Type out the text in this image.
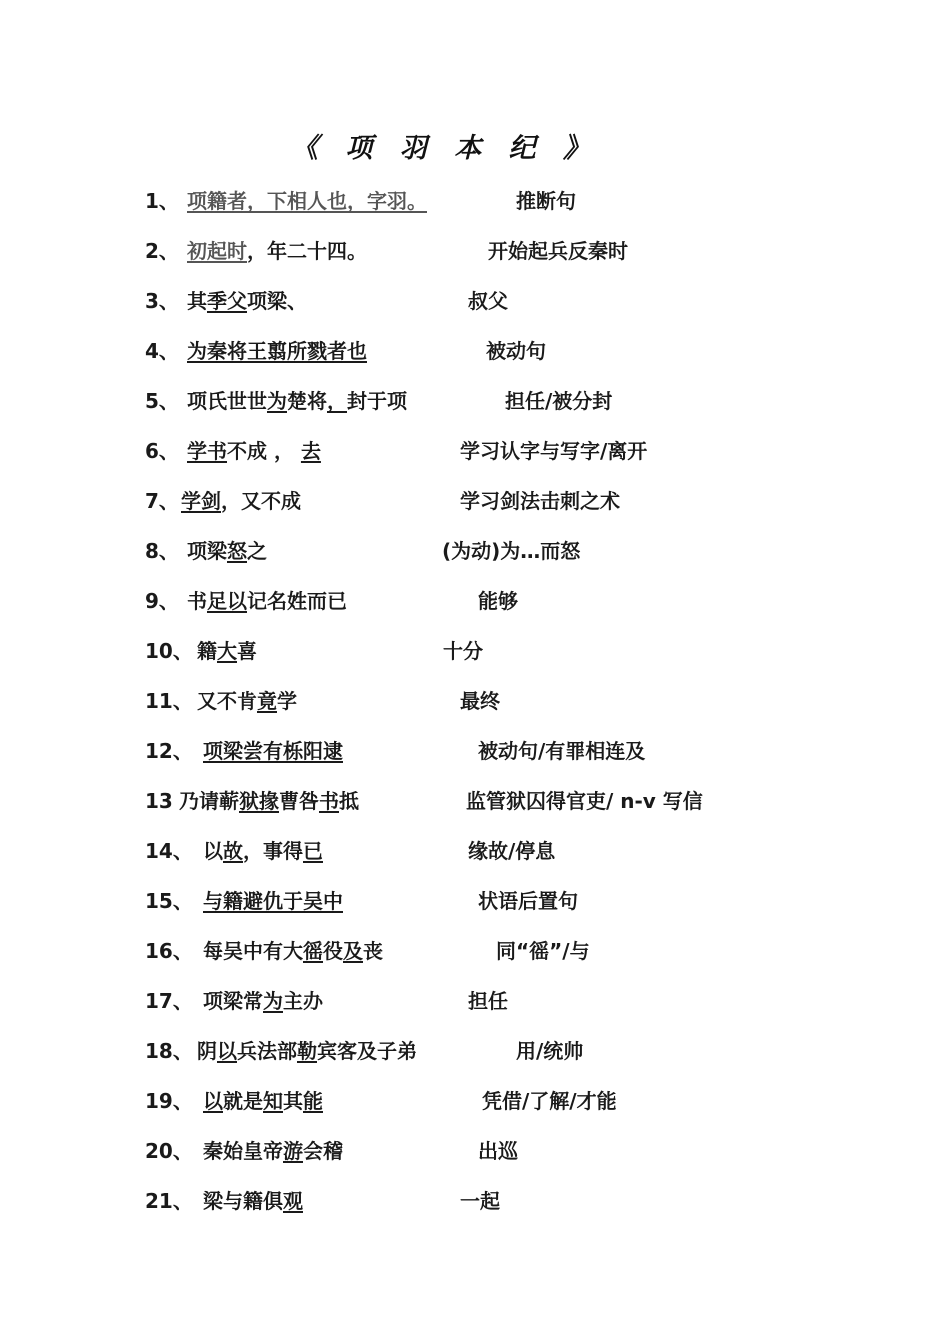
《 项 羽 本 纪 》
1、 项籍者，下相人也，字羽。	推断句
2、 初起时，年二十四。	开始起兵反秦时
3、 其季父项梁、	叔父
4、 为秦将王翦所戮者也	被动句
5、 项氏世世为楚将，封于项	担任/被分封
6、 学书不成 ， 去	学习认字与写字/离开
7、 学剑，又不成	学习剑法击刺之术
8、 项梁怒之	(为动)为…而怒
9、 书足以记名姓而已	能够
10、 籍大喜	十分
11、 又不肯竟学	最终
12、 项梁尝有栎阳逮	被动句/有罪相连及
13 乃请蕲狱掾曹咎书抵	监管狱囚得官吏/ n-v 写信
14、 以故，事得已	缘故/停息
15、 与籍避仇于吴中	状语后置句
16、 每吴中有大徭役及丧	同“徭”/与
17、 项梁常为主办	担任
18、 阴以兵法部勒宾客及子弟	用/统帅
19、 以就是知其能	凭借/了解/才能
20、 秦始皇帝游会稽	出巡
21、 梁与籍俱观	一起
